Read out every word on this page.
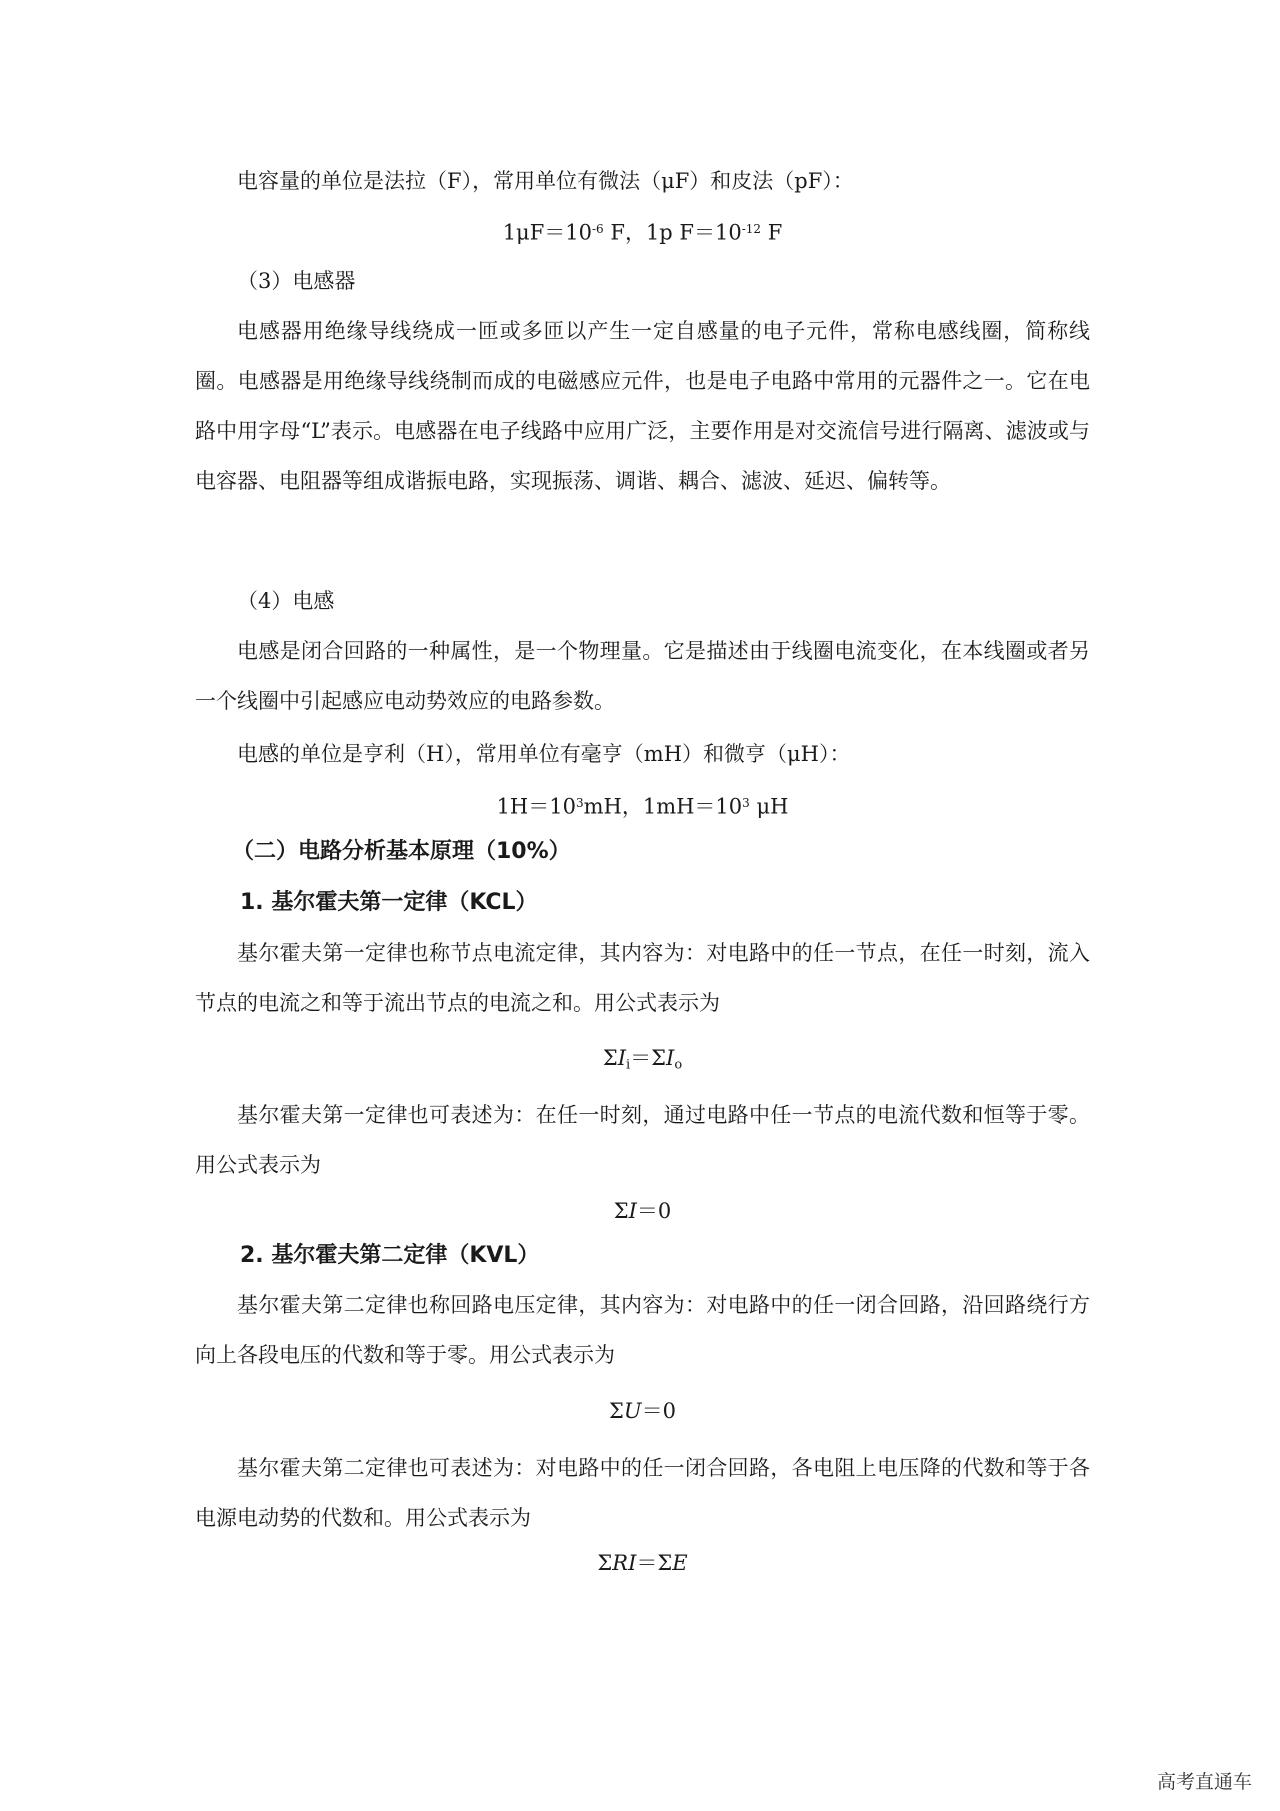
电容量的单位是法拉（F），常用单位有微法（μF）和皮法（pF）：
$1\mu F=10^{-6}$ F，1p $F=10^{-12}$ F
（3）电感器
电感器用绝缘导线绕成一匝或多匝以产生一定自感量的电子元件，常称电感线圈，简称线圈。电感器是用绝缘导线绕制而成的电磁感应元件，也是电子电路中常用的元器件之一。它在电路中用字母“L”表示。电感器在电子线路中应用广泛，主要作用是对交流信号进行隔离、滤波或与电容器、电阻器等组成谐振电路，实现振荡、调谐、耦合、滤波、延迟、偏转等。
（4）电感
电感是闭合回路的一种属性，是一个物理量。它是描述由于线圈电流变化，在本线圈或者另一个线圈中引起感应电动势效应的电路参数。
电感的单位是亨利（H），常用单位有毫亨（mH）和微亨（μH）：
$1H=10^3mH$，$1mH=10^3$ μH
（二）电路分析基本原理（10%）
1. 基尔霍夫第一定律（KCL）
基尔霍夫第一定律也称节点电流定律，其内容为：对电路中的任一节点，在任一时刻，流入节点的电流之和等于流出节点的电流之和。用公式表示为
ΣIi＝ΣIo
基尔霍夫第一定律也可表述为：在任一时刻，通过电路中任一节点的电流代数和恒等于零。用公式表示为
ΣI＝0
2. 基尔霍夫第二定律（KVL）
基尔霍夫第二定律也称回路电压定律，其内容为：对电路中的任一闭合回路，沿回路绕行方向上各段电压的代数和等于零。用公式表示为
ΣU＝0
基尔霍夫第二定律也可表述为：对电路中的任一闭合回路，各电阻上电压降的代数和等于各电源电动势的代数和。用公式表示为
ΣRI＝ΣE
高考直通车
